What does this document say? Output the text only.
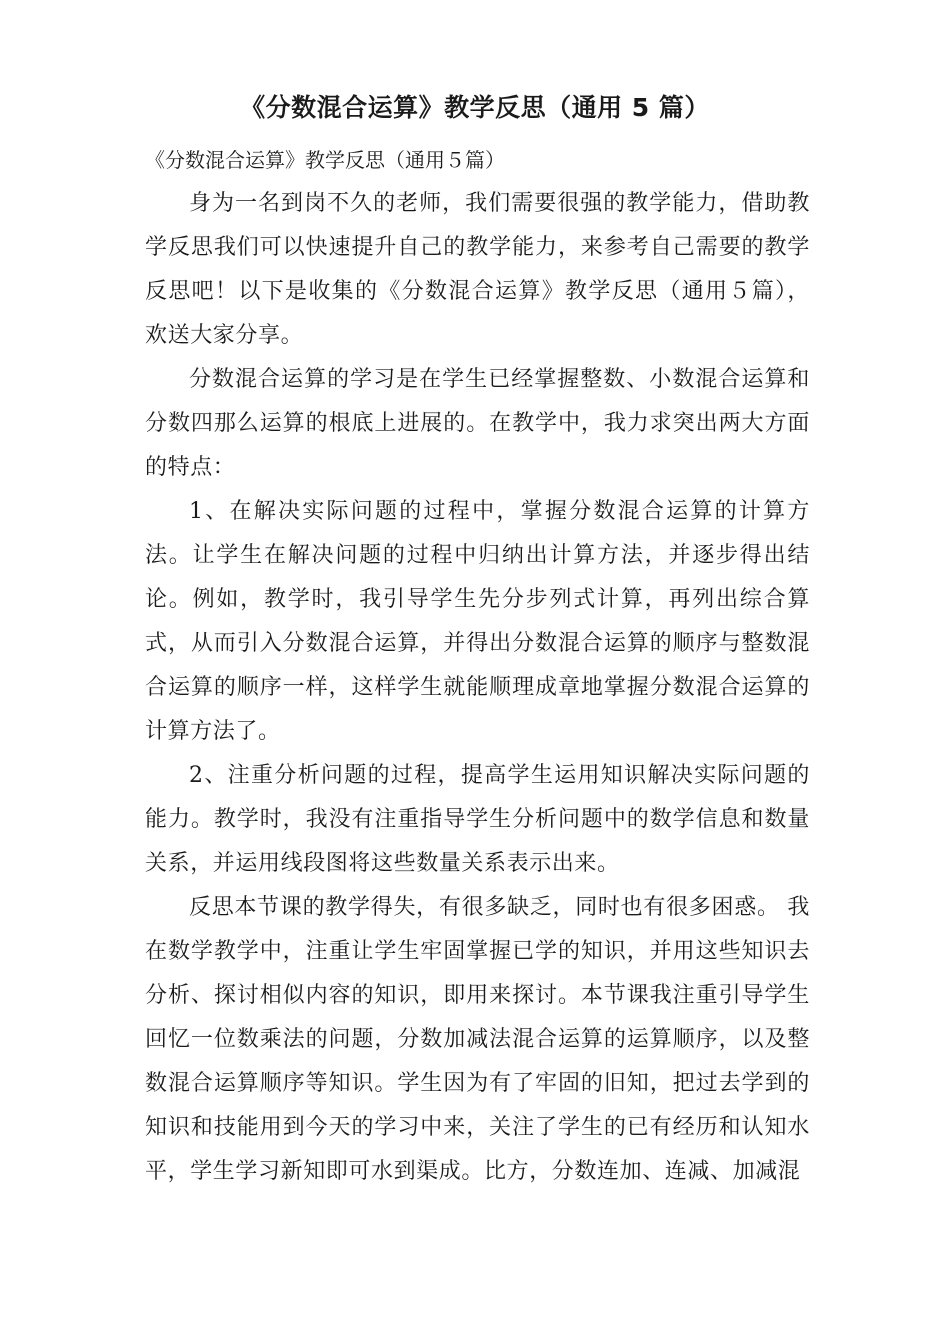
《分数混合运算》教学反思（通用 5 篇）

《分数混合运算》教学反思（通用５篇）

身为一名到岗不久的老师，我们需要很强的教学能力，借助教学反思我们可以快速提升自己的教学能力，来参考自己需要的教学反思吧！以下是收集的《分数混合运算》教学反思（通用５篇），欢送大家分享。

分数混合运算的学习是在学生已经掌握整数、小数混合运算和分数四那么运算的根底上进展的。在教学中，我力求突出两大方面的特点：

1、在解决实际问题的过程中，掌握分数混合运算的计算方法。让学生在解决问题的过程中归纳出计算方法，并逐步得出结论。例如，教学时，我引导学生先分步列式计算，再列出综合算式，从而引入分数混合运算，并得出分数混合运算的顺序与整数混合运算的顺序一样，这样学生就能顺理成章地掌握分数混合运算的计算方法了。

2、注重分析问题的过程，提高学生运用知识解决实际问题的能力。教学时，我没有注重指导学生分析问题中的数学信息和数量关系，并运用线段图将这些数量关系表示出来。

反思本节课的教学得失，有很多缺乏，同时也有很多困惑。 我在数学教学中，注重让学生牢固掌握已学的知识，并用这些知识去分析、探讨相似内容的知识，即用来探讨。本节课我注重引导学生回忆一位数乘法的问题，分数加减法混合运算的运算顺序，以及整数混合运算顺序等知识。学生因为有了牢固的旧知，把过去学到的知识和技能用到今天的学习中来，关注了学生的已有经历和认知水平，学生学习新知即可水到渠成。比方，分数连加、连减、加减混
